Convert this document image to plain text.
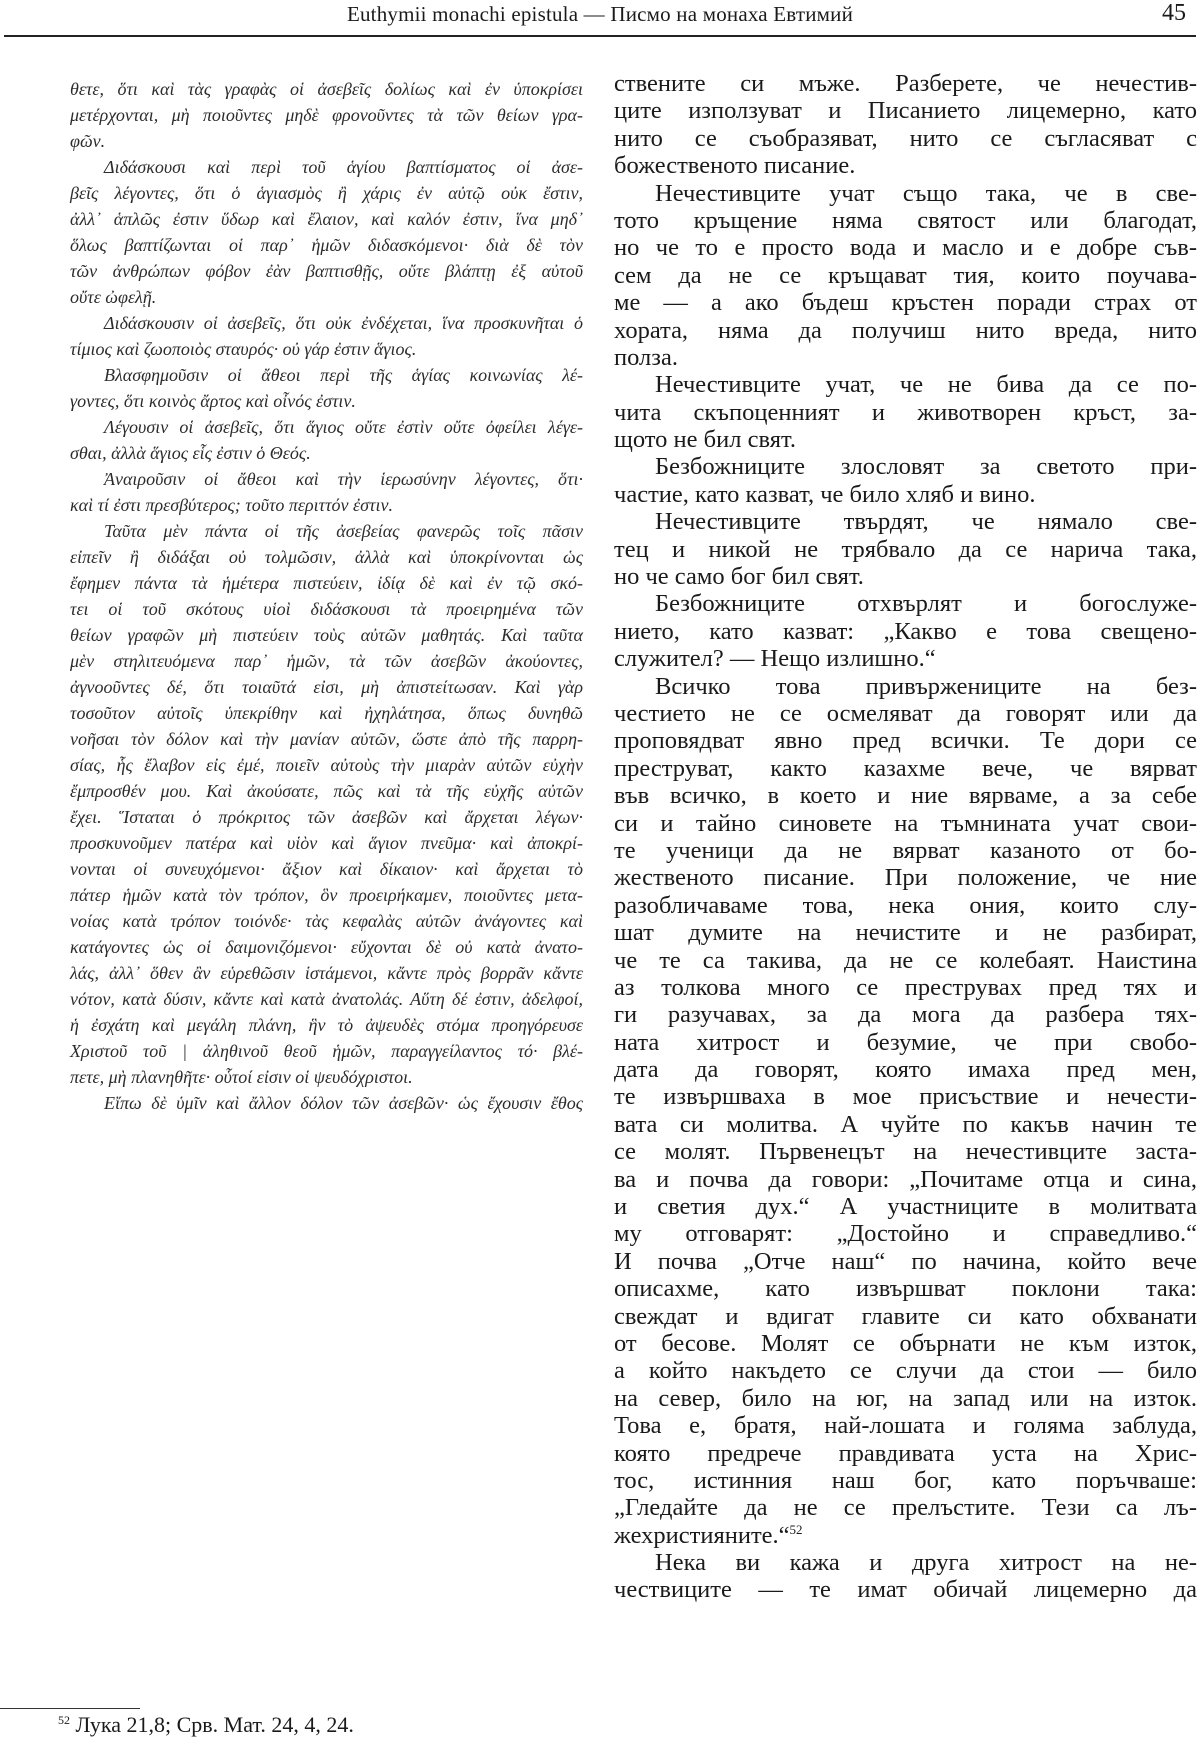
Euthymii monachi epistula — Писмо на монаха Евтимий	45
θετε, ὅτι καὶ τὰς γραφὰς οἱ ἀσεβεῖς δολίως καὶ ἐν ὑποκρίσει
μετέρχονται, μὴ ποιοῦντες μηδὲ φρονοῦντες τὰ τῶν θείων γρα-
φῶν.
Διδάσκουσι καὶ περὶ τοῦ ἁγίου βαπτίσματος οἱ ἀσε-
βεῖς λέγοντες, ὅτι ὁ ἁγιασμὸς ἢ χάρις ἐν αὐτῷ οὐκ ἔστιν,
ἀλλ᾽ ἁπλῶς ἐστιν ὕδωρ καὶ ἔλαιον, καὶ καλόν ἐστιν, ἵνα μηδ᾽
ὅλως βαπτίζωνται οἱ παρ᾽ ἡμῶν διδασκόμενοι· διὰ δὲ τὸν
τῶν ἀνθρώπων φόβον ἐὰν βαπτισθῇς, οὔτε βλάπτῃ ἐξ αὐτοῦ
οὔτε ὠφελῇ.
Διδάσκουσιν οἱ ἀσεβεῖς, ὅτι οὐκ ἐνδέχεται, ἵνα προσκυνῆται ὁ
τίμιος καὶ ζωοποιὸς σταυρός· οὐ γάρ ἐστιν ἅγιος.
Βλασφημοῦσιν οἱ ἄθεοι περὶ τῆς ἁγίας κοινωνίας λέ-
γοντες, ὅτι κοινὸς ἄρτος καὶ οἶνός ἐστιν.
Λέγουσιν οἱ ἀσεβεῖς, ὅτι ἅγιος οὔτε ἐστὶν οὔτε ὀφείλει λέγε-
σθαι, ἀλλὰ ἅγιος εἷς ἐστιν ὁ Θεός.
Ἀναιροῦσιν οἱ ἄθεοι καὶ τὴν ἱερωσύνην λέγοντες, ὅτι·
καὶ τί ἐστι πρεσβύτερος; τοῦτο περιττόν ἐστιν.
Ταῦτα μὲν πάντα οἱ τῆς ἀσεβείας φανερῶς τοῖς πᾶσιν
εἰπεῖν ἢ διδάξαι οὐ τολμῶσιν, ἀλλὰ καὶ ὑποκρίνονται ὡς
ἔφημεν πάντα τὰ ἡμέτερα πιστεύειν, ἰδίᾳ δὲ καὶ ἐν τῷ σκό-
τει οἱ τοῦ σκότους υἱοὶ διδάσκουσι τὰ προειρημένα τῶν
θείων γραφῶν μὴ πιστεύειν τοὺς αὐτῶν μαθητάς. Καὶ ταῦτα
μὲν στηλιτευόμενα παρ᾽ ἡμῶν, τὰ τῶν ἀσεβῶν ἀκούοντες,
ἀγνοοῦντες δέ, ὅτι τοιαῦτά εἰσι, μὴ ἀπιστείτωσαν. Καὶ γὰρ
τοσοῦτον αὐτοῖς ὑπεκρίθην καὶ ἠχηλάτησα, ὅπως δυνηθῶ
νοῆσαι τὸν δόλον καὶ τὴν μανίαν αὐτῶν, ὥστε ἀπὸ τῆς παρρη-
σίας, ἧς ἔλαβον εἰς ἐμέ, ποιεῖν αὐτοὺς τὴν μιαρὰν αὐτῶν εὐχὴν
ἔμπροσθέν μου. Καὶ ἀκούσατε, πῶς καὶ τὰ τῆς εὐχῆς αὐτῶν
ἔχει. Ἵσταται ὁ πρόκριτος τῶν ἀσεβῶν καὶ ἄρχεται λέγων·
προσκυνοῦμεν πατέρα καὶ υἱὸν καὶ ἅγιον πνεῦμα· καὶ ἀποκρί-
νονται οἱ συνευχόμενοι· ἄξιον καὶ δίκαιον· καὶ ἄρχεται τὸ
πάτερ ἡμῶν κατὰ τὸν τρόπον, ὃν προειρήκαμεν, ποιοῦντες μετα-
νοίας κατὰ τρόπον τοιόνδε· τὰς κεφαλὰς αὐτῶν ἀνάγοντες καὶ
κατάγοντες ὡς οἱ δαιμονιζόμενοι· εὔχονται δὲ οὐ κατὰ ἀνατο-
λάς, ἀλλ᾽ ὅθεν ἂν εὑρεθῶσιν ἱστάμενοι, κἄντε πρὸς βορρᾶν κἄντε
νότον, κατὰ δύσιν, κἄντε καὶ κατὰ ἀνατολάς. Αὕτη δέ ἐστιν, ἀδελφοί,
ἡ ἐσχάτη καὶ μεγάλη πλάνη, ἣν τὸ ἀψευδὲς στόμα προηγόρευσε
Χριστοῦ τοῦ | ἀληθινοῦ θεοῦ ἡμῶν, παραγγείλαντος τό· βλέ-
πετε, μὴ πλανηθῆτε· οὗτοί εἰσιν οἱ ψευδόχριστοι.
Εἴπω δὲ ὑμῖν καὶ ἄλλον δόλον τῶν ἀσεβῶν· ὡς ἔχουσιν ἔθος
ствените си мъже. Разберете, че нечестив-
ците използуват и Писанието лицемерно, като
нито се съобразяват, нито се съгласяват с
божественото писание.
Нечестивците учат също така, че в све-
тото кръщение няма святост или благодат,
но че то е просто вода и масло и е добре съв-
сем да не се кръщават тия, които поучава-
ме — а ако бъдеш кръстен поради страх от
хората, няма да получиш нито вреда, нито
полза.
Нечестивците учат, че не бива да се по-
чита скъпоценният и животворен кръст, за-
щото не бил свят.
Безбожниците злословят за светото при-
частие, като казват, че било хляб и вино.
Нечестивците твърдят, че нямало све-
тец и никой не трябвало да се нарича така,
но че само бог бил свят.
Безбожниците отхвърлят и богослуже-
нието, като казват: „Какво е това свещено-
служител? — Нещо излишно.“
Всичко това привържениците на без-
честието не се осмеляват да говорят или да
проповядват явно пред всички. Те дори се
преструват, както казахме вече, че вярват
във всичко, в което и ние вярваме, а за себе
си и тайно синовете на тъмнината учат свои-
те ученици да не вярват казаното от бо-
жественото писание. При положение, че ние
разобличаваме това, нека ония, които слу-
шат думите на нечистите и не разбират,
че те са такива, да не се колебаят. Наистина
аз толкова много се преструвах пред тях и
ги разучавах, за да мога да разбера тях-
ната хитрост и безумие, че при свобо-
дата да говорят, която имаха пред мен,
те извършваха в мое присъствие и нечести-
вата си молитва. А чуйте по какъв начин те
се молят. Първенецът на нечестивците заста-
ва и почва да говори: „Почитаме отца и сина,
и светия дух.“ А участниците в молитвата
му отговарят: „Достойно и справедливо.“
И почва „Отче наш“ по начина, който вече
описахме, като извършват поклони така:
свеждат и вдигат главите си като обхванати
от бесове. Молят се обърнати не към изток,
а който накъдето се случи да стои — било
на север, било на юг, на запад или на изток.
Това е, братя, най-лошата и голяма заблуда,
която предрече правдивата уста на Хрис-
тос, истинния наш бог, като поръчваше:
„Гледайте да не се прелъстите. Тези са лъ-
жехристияните.“$^{52}$
Нека ви кажа и друга хитрост на не-
чествиците — те имат обичай лицемерно да
$^{52}$ Лука 21,8; Срв. Мат. 24, 4, 24.
